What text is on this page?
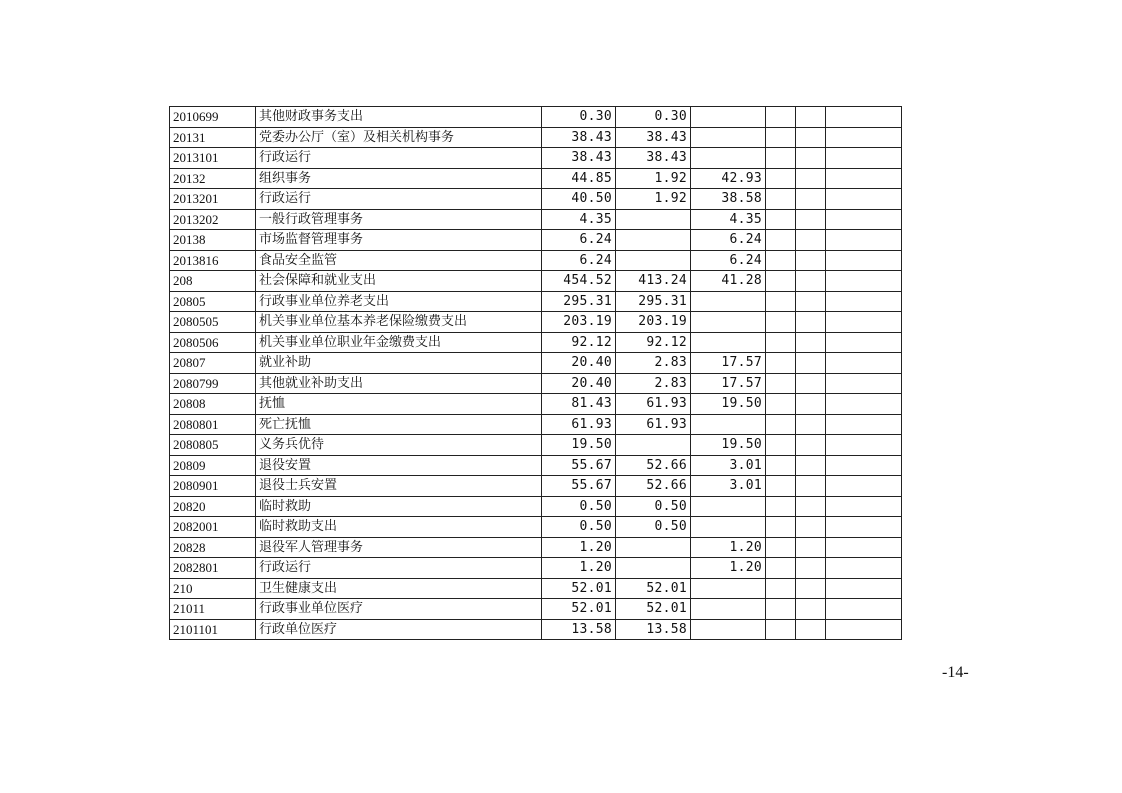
2010699	其他财政事务支出	0.30	0.30				
20131	党委办公厅（室）及相关机构事务	38.43	38.43				
2013101	行政运行	38.43	38.43				
20132	组织事务	44.85	1.92	42.93			
2013201	行政运行	40.50	1.92	38.58			
2013202	一般行政管理事务	4.35		4.35			
20138	市场监督管理事务	6.24		6.24			
2013816	食品安全监管	6.24		6.24			
208	社会保障和就业支出	454.52	413.24	41.28			
20805	行政事业单位养老支出	295.31	295.31				
2080505	机关事业单位基本养老保险缴费支出	203.19	203.19				
2080506	机关事业单位职业年金缴费支出	92.12	92.12				
20807	就业补助	20.40	2.83	17.57			
2080799	其他就业补助支出	20.40	2.83	17.57			
20808	抚恤	81.43	61.93	19.50			
2080801	死亡抚恤	61.93	61.93				
2080805	义务兵优待	19.50		19.50			
20809	退役安置	55.67	52.66	3.01			
2080901	退役士兵安置	55.67	52.66	3.01			
20820	临时救助	0.50	0.50				
2082001	临时救助支出	0.50	0.50				
20828	退役军人管理事务	1.20		1.20			
2082801	行政运行	1.20		1.20			
210	卫生健康支出	52.01	52.01				
21011	行政事业单位医疗	52.01	52.01				
2101101	行政单位医疗	13.58	13.58				
-14-
